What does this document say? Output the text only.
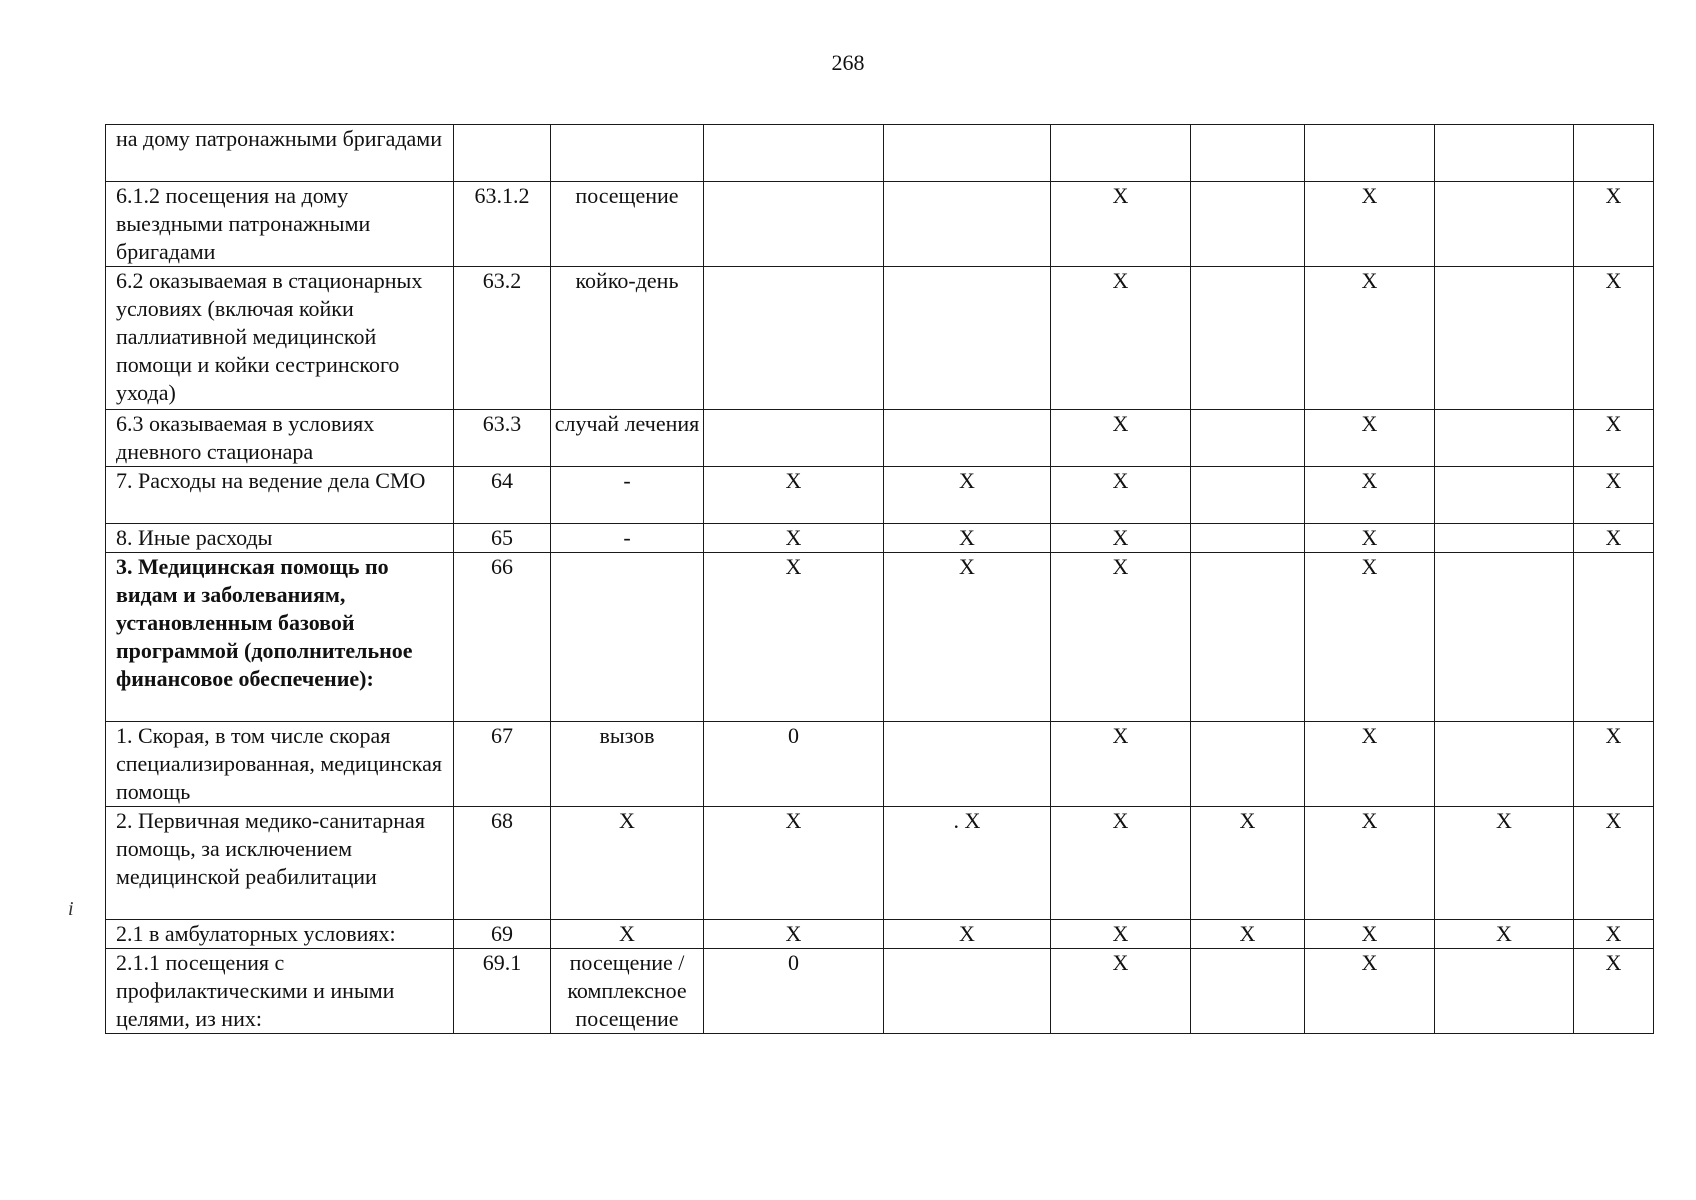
268
i
на дому патронажными бригадами									
6.1.2 посещения на дому выездными патронажными бригадами	63.1.2	посещение			X		X		X
6.2 оказываемая в стационарных условиях (включая койки паллиативной медицинской помощи и койки сестринского ухода)	63.2	койко-день			X		X		X
6.3 оказываемая в условиях дневного стационара	63.3	случай лечения			X		X		X
7. Расходы на ведение дела СМО	64	-	X	X	X		X		X
8. Иные расходы	65	-	X	X	X		X		X
3. Медицинская помощь по видам и заболеваниям, установленным базовой программой (дополнительное финансовое обеспечение):	66		X	X	X		X		
1. Скорая, в том числе скорая специализированная, медицинская помощь	67	вызов	0		X		X		X
2. Первичная медико-санитарная помощь, за исключением медицинской реабилитации	68	X	X	. X	X	X	X	X	X
2.1 в амбулаторных условиях:	69	X	X	X	X	X	X	X	X
2.1.1 посещения с профилактическими и иными целями, из них:	69.1	посещение / комплексное посещение	0		X		X		X
